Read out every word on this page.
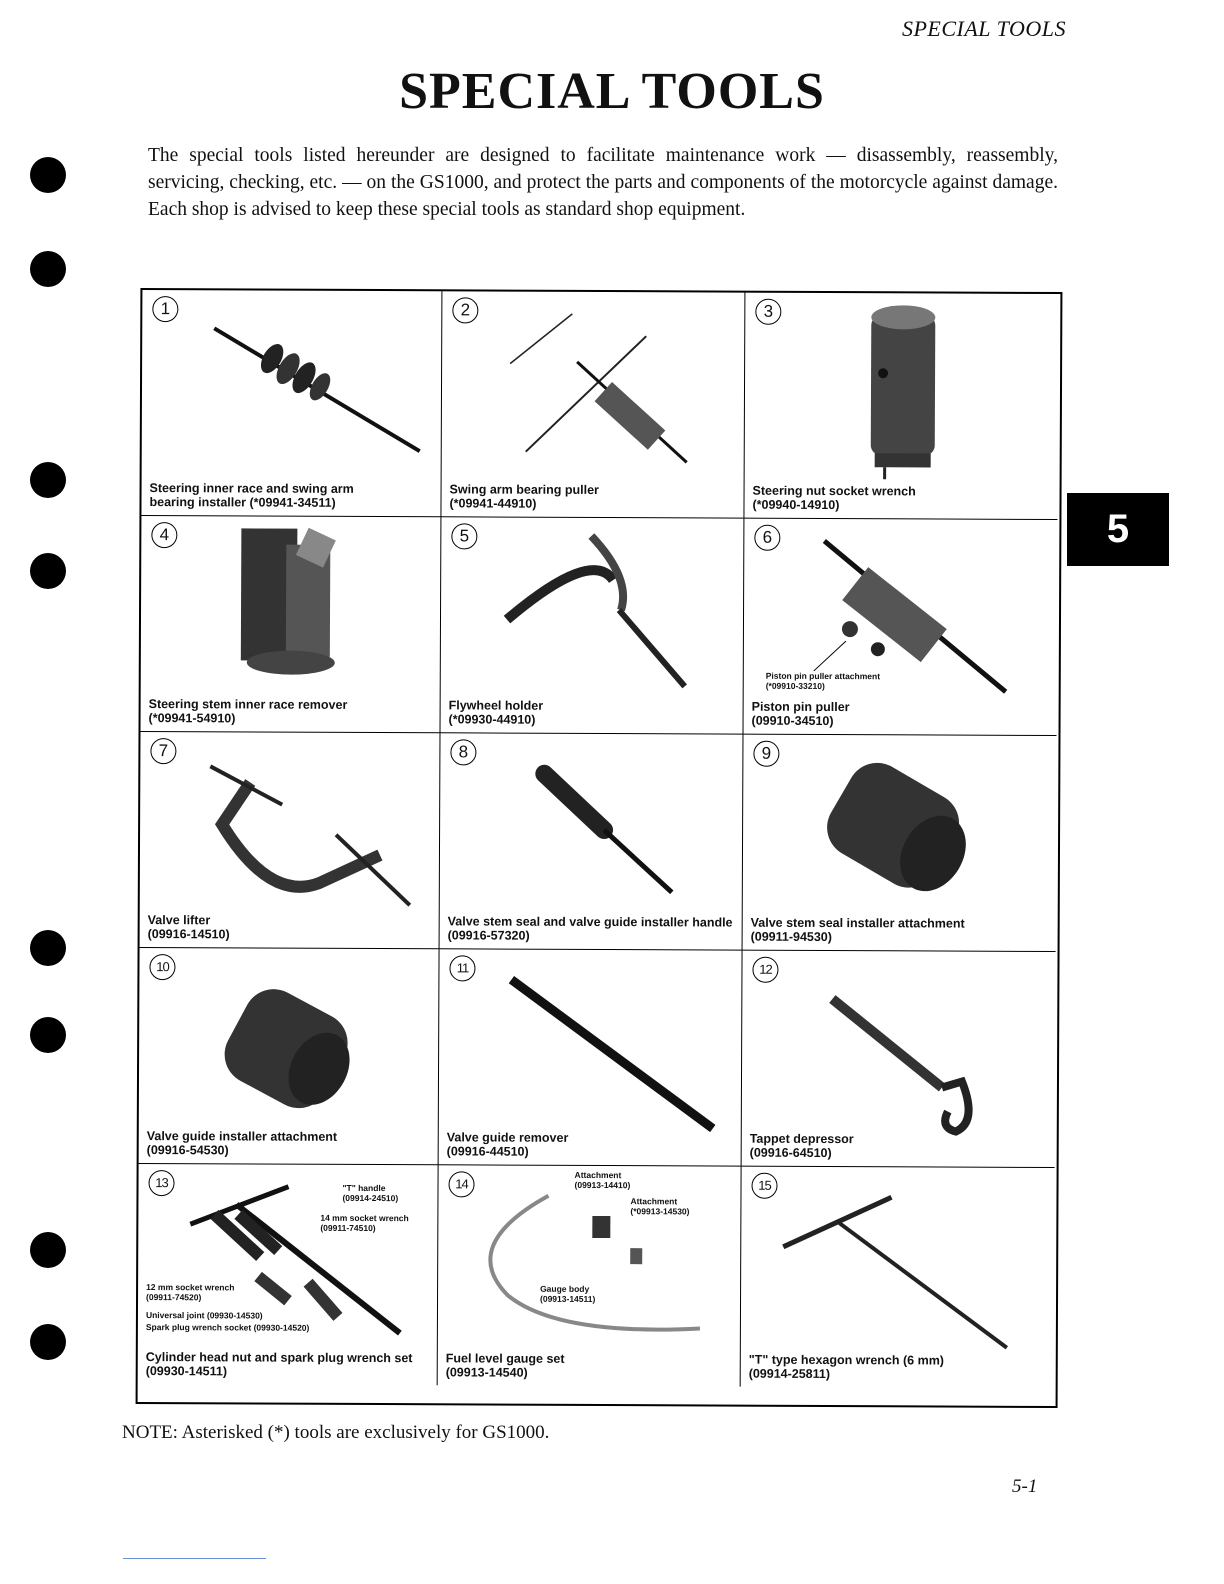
SPECIAL TOOLS
SPECIAL TOOLS
The special tools listed hereunder are designed to facilitate maintenance work — disassembly, reassembly, servicing, checking, etc. — on the GS1000, and protect the parts and components of the motorcycle against damage. Each shop is advised to keep these special tools as standard shop equipment.
5
1
Steering inner race and swing arm
bearing installer (*09941-34511)
2
Swing arm bearing puller
(*09941-44910)
3
Steering nut socket wrench
(*09940-14910)
4
Steering stem inner race remover
(*09941-54910)
5
Flywheel holder
(*09930-44910)
6
Piston pin puller attachment
(*09910-33210)
Piston pin puller
(09910-34510)
7
Valve lifter
(09916-14510)
8
Valve stem seal and valve guide installer handle
(09916-57320)
9
Valve stem seal installer attachment
(09911-94530)
10
Valve guide installer attachment
(09916-54530)
11
Valve guide remover
(09916-44510)
12
Tappet depressor
(09916-64510)
13	"T" handle
(09914-24510)
14 mm socket wrench
(09911-74510)
12 mm socket wrench
(09911-74520)
Universal joint (09930-14530)
Spark plug wrench socket (09930-14520)
Cylinder head nut and spark plug wrench set
(09930-14511)
14
Attachment
(09913-14410)
Attachment
(*09913-14530)
Gauge body
(09913-14511)
Fuel level gauge set
(09913-14540)
15
"T" type hexagon wrench (6 mm)
(09914-25811)
NOTE: Asterisked (*) tools are exclusively for GS1000.
5-1
